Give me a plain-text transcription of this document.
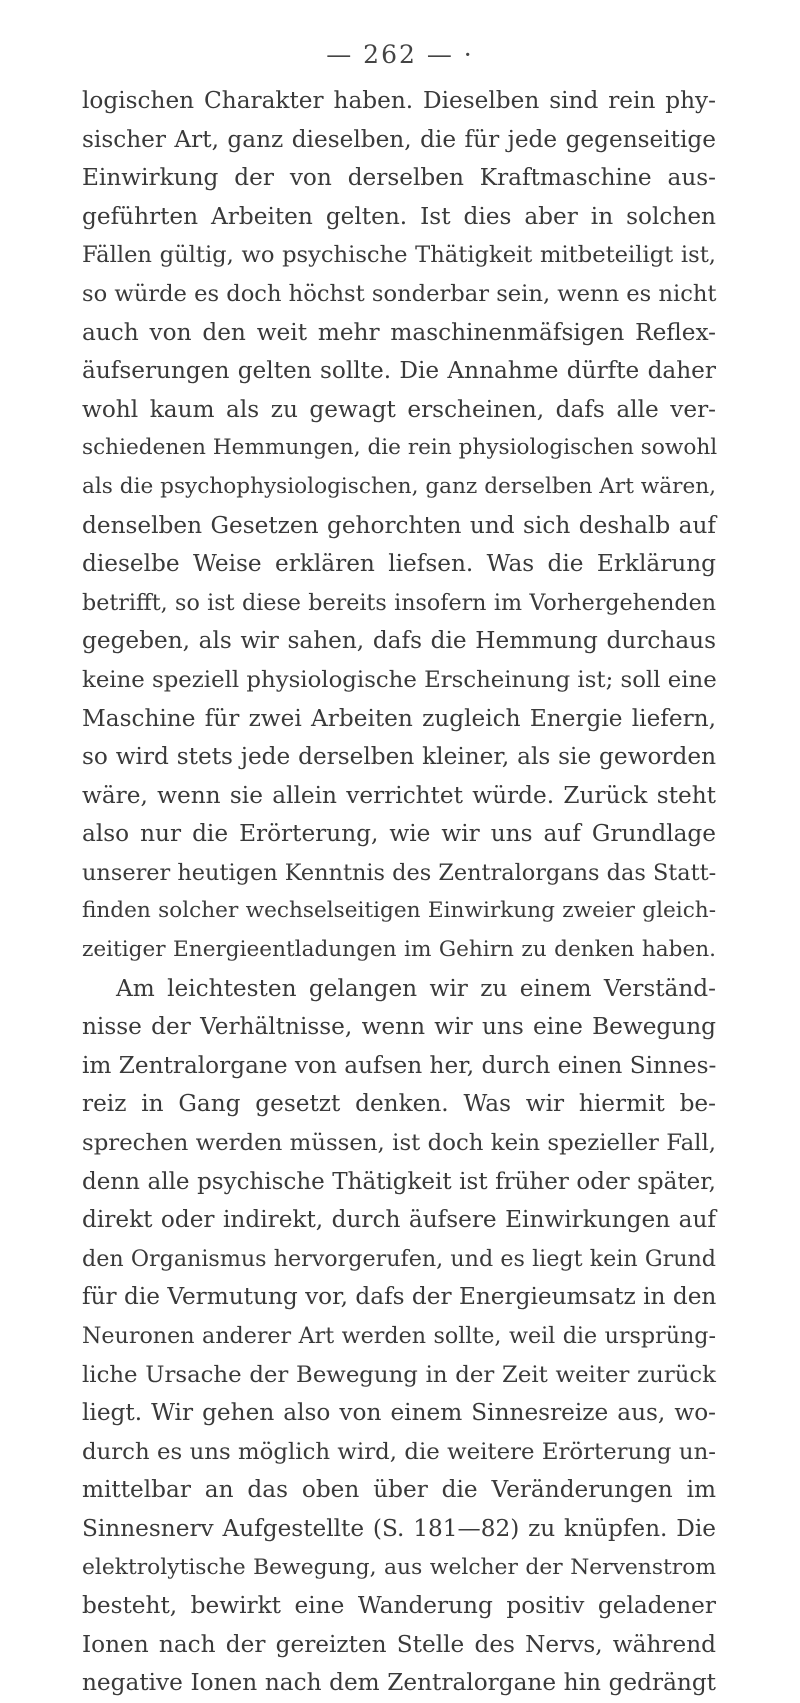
— 262 — ·
logischen Charakter haben. Dieselben sind rein phy-
sischer Art, ganz dieselben, die für jede gegenseitige
Einwirkung der von derselben Kraftmaschine aus-
geführten Arbeiten gelten. Ist dies aber in solchen
Fällen gültig, wo psychische Thätigkeit mitbeteiligt ist,
so würde es doch höchst sonderbar sein, wenn es nicht
auch von den weit mehr maschinenmäfsigen Reflex-
äufserungen gelten sollte. Die Annahme dürfte daher
wohl kaum als zu gewagt erscheinen, dafs alle ver-
schiedenen Hemmungen, die rein physiologischen sowohl
als die psychophysiologischen, ganz derselben Art wären,
denselben Gesetzen gehorchten und sich deshalb auf
dieselbe Weise erklären liefsen. Was die Erklärung
betrifft, so ist diese bereits insofern im Vorhergehenden
gegeben, als wir sahen, dafs die Hemmung durchaus
keine speziell physiologische Erscheinung ist; soll eine
Maschine für zwei Arbeiten zugleich Energie liefern,
so wird stets jede derselben kleiner, als sie geworden
wäre, wenn sie allein verrichtet würde. Zurück steht
also nur die Erörterung, wie wir uns auf Grundlage
unserer heutigen Kenntnis des Zentralorgans das Statt-
finden solcher wechselseitigen Einwirkung zweier gleich-
zeitiger Energieentladungen im Gehirn zu denken haben.
Am leichtesten gelangen wir zu einem Verständ-
nisse der Verhältnisse, wenn wir uns eine Bewegung
im Zentralorgane von aufsen her, durch einen Sinnes-
reiz in Gang gesetzt denken. Was wir hiermit be-
sprechen werden müssen, ist doch kein spezieller Fall,
denn alle psychische Thätigkeit ist früher oder später,
direkt oder indirekt, durch äufsere Einwirkungen auf
den Organismus hervorgerufen, und es liegt kein Grund
für die Vermutung vor, dafs der Energieumsatz in den
Neuronen anderer Art werden sollte, weil die ursprüng-
liche Ursache der Bewegung in der Zeit weiter zurück
liegt. Wir gehen also von einem Sinnesreize aus, wo-
durch es uns möglich wird, die weitere Erörterung un-
mittelbar an das oben über die Veränderungen im
Sinnesnerv Aufgestellte (S. 181—82) zu knüpfen. Die
elektrolytische Bewegung, aus welcher der Nervenstrom
besteht, bewirkt eine Wanderung positiv geladener
Ionen nach der gereizten Stelle des Nervs, während
negative Ionen nach dem Zentralorgane hin gedrängt
